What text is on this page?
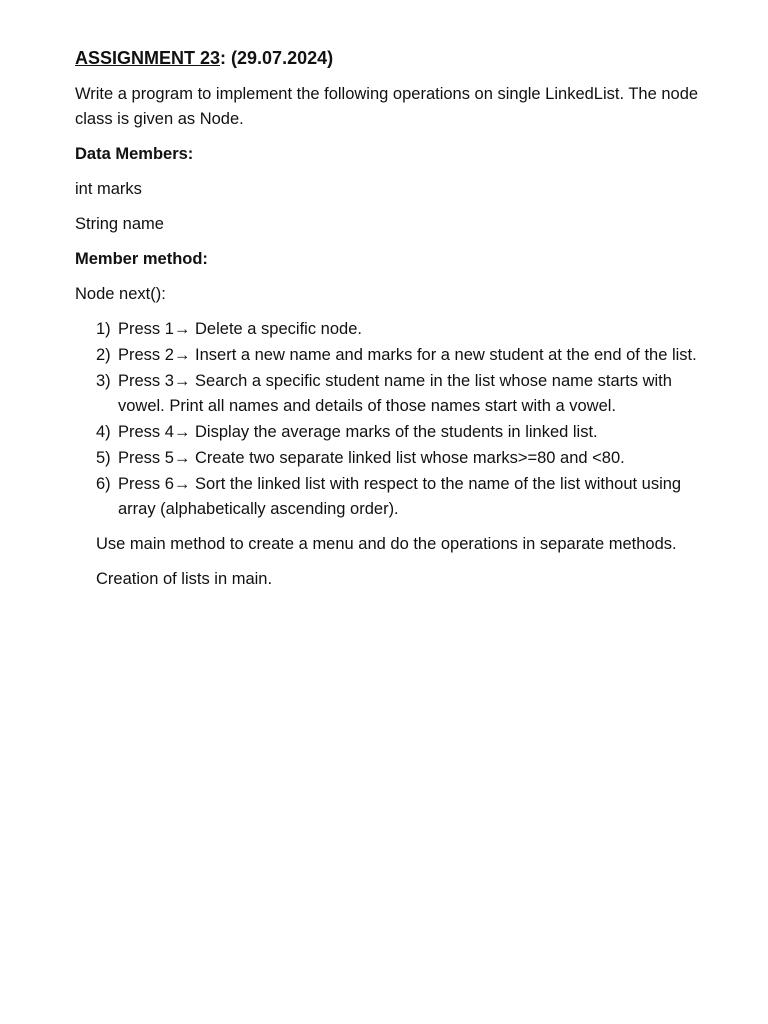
ASSIGNMENT 23: (29.07.2024)

Write a program to implement the following operations on single LinkedList. The node class is given as Node.

Data Members:

int marks

String name

Member method:

Node next():

1) Press 1→ Delete a specific node.
2) Press 2→ Insert a new name and marks for a new student at the end of the list.
3) Press 3→ Search a specific student name in the list whose name starts with vowel. Print all names and details of those names start with a vowel.
4) Press 4→ Display the average marks of the students in linked list.
5) Press 5→ Create two separate linked list whose marks>=80 and <80.
6) Press 6→ Sort the linked list with respect to the name of the list without using array (alphabetically ascending order).

Use main method to create a menu and do the operations in separate methods.

Creation of lists in main.
